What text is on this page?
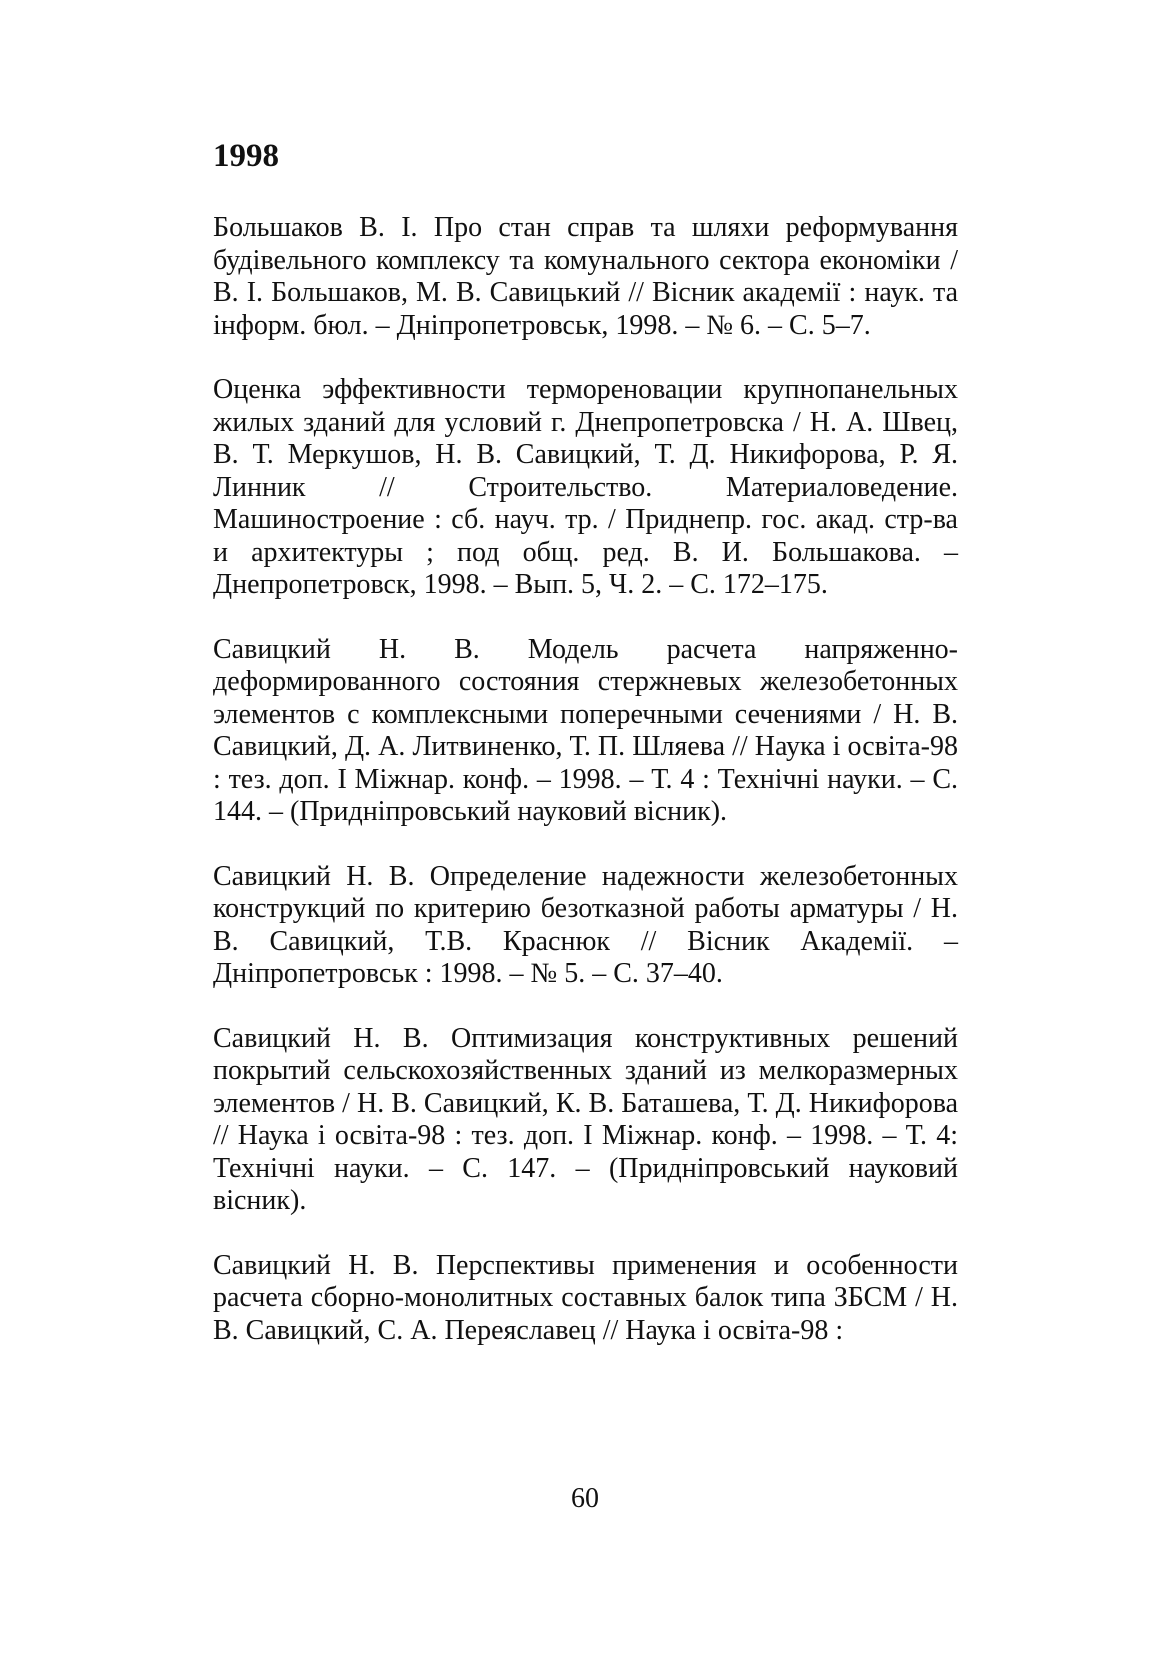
1998

Большаков В. І. Про стан справ та шляхи реформування будівельного комплексу та комунального сектора економіки / В. І. Большаков, М. В. Савицький // Вісник академії : наук. та інформ. бюл. – Дніпропетровськ, 1998. – № 6. – С. 5–7.

Оценка эффективности термореновации крупнопанельных жилых зданий для условий г. Днепропетровска / Н. А. Швец, В. Т. Меркушов, Н. В. Савицкий, Т. Д. Никифорова, Р. Я. Линник // Строительство. Материаловедение. Машиностроение : сб. науч. тр. / Приднепр. гос. акад. стр-ва и архитектуры ; под общ. ред. В. И. Большакова. – Днепропетровск, 1998. – Вып. 5, Ч. 2. – С. 172–175.

Савицкий Н. В. Модель расчета напряженно-деформированного состояния стержневых железобетонных элементов с комплексными поперечными сечениями / Н. В. Савицкий, Д. А. Литвиненко, Т. П. Шляева // Наука і освіта-98 : тез. доп. I Міжнар. конф. – 1998. – Т. 4 : Технічні науки. – С. 144. – (Придніпровський науковий вісник).

Савицкий Н. В. Определение надежности железобетонных конструкций по критерию безотказной работы арматуры / Н. В. Савицкий, Т.В. Краснюк // Вісник Академії. – Дніпропетровськ : 1998. – № 5. – С. 37–40.

Савицкий Н. В. Оптимизация конструктивных решений покрытий сельскохозяйственных зданий из мелкоразмерных элементов / Н. В. Савицкий, К. В. Баташева, Т. Д. Никифорова // Наука і освіта-98 : тез. доп. I Міжнар. конф. – 1998. – Т. 4: Технічні науки. – С. 147. – (Придніпровський науковий вісник).

Савицкий Н. В. Перспективы применения и особенности расчета сборно-монолитных составных балок типа ЗБСМ / Н. В. Савицкий, С. А. Переяславец // Наука і освіта-98 :

60
